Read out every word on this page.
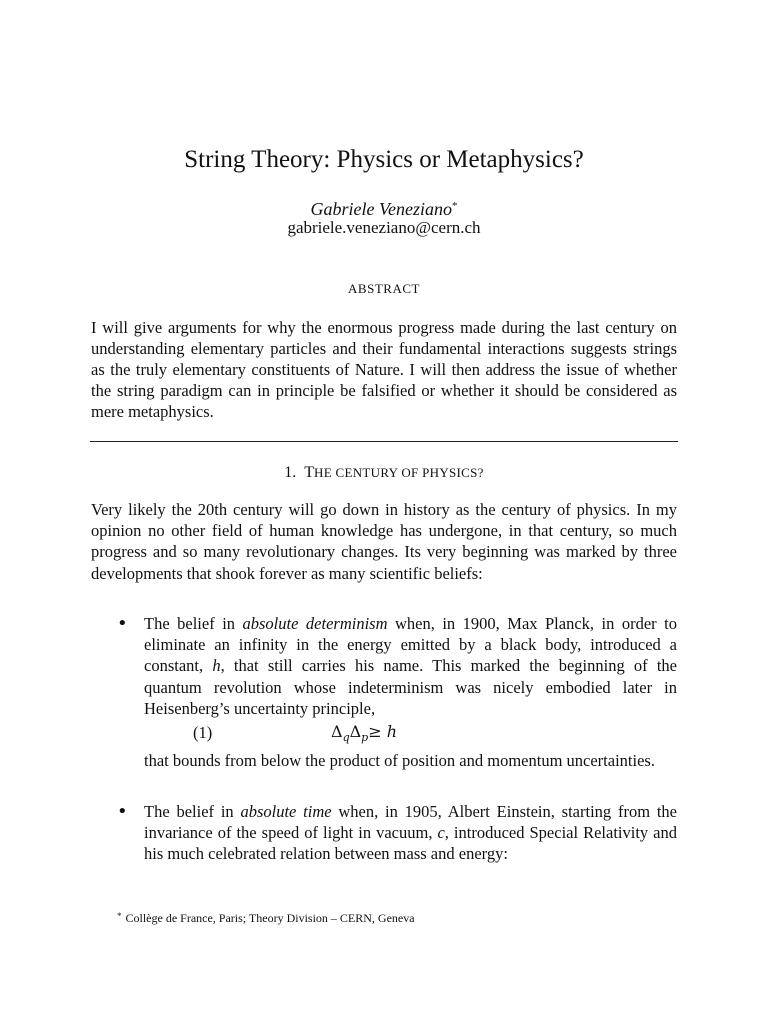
String Theory: Physics or Metaphysics?
Gabriele Veneziano*
gabriele.veneziano@cern.ch
ABSTRACT
I will give arguments for why the enormous progress made during the last century on understanding elementary particles and their fundamental interactions suggests strings as the truly elementary constituents of Nature. I will then address the issue of whether the string paradigm can in principle be falsified or whether it should be considered as mere metaphysics.
1. THE CENTURY OF PHYSICS?
Very likely the 20th century will go down in history as the century of physics. In my opinion no other field of human knowledge has undergone, in that century, so much progress and so many revolutionary changes. Its very beginning was marked by three developments that shook forever as many scientific beliefs:
• The belief in absolute determinism when, in 1900, Max Planck, in order to eliminate an infinity in the energy emitted by a black body, introduced a constant, h, that still carries his name. This marked the beginning of the quantum revolution whose indeterminism was nicely embodied later in Heisenberg’s uncertainty principle,
(1)	$\Delta_q\Delta_p\ge h$
that bounds from below the product of position and momentum uncertainties.
• The belief in absolute time when, in 1905, Albert Einstein, starting from the invariance of the speed of light in vacuum, c, introduced Special Relativity and his much celebrated relation between mass and energy:
* Collège de France, Paris; Theory Division – CERN, Geneva
